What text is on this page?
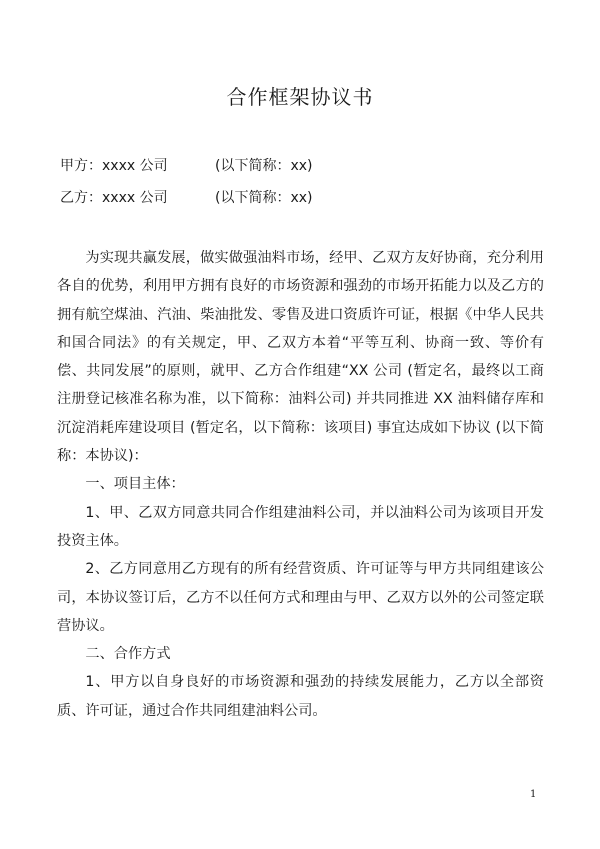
合作框架协议书
甲方：xxxx 公司	(以下简称：xx)
乙方：xxxx 公司	(以下简称：xx)

为实现共赢发展，做实做强油料市场，经甲、乙双方友好协商，充分利用各自的优势，利用甲方拥有良好的市场资源和强劲的市场开拓能力以及乙方的拥有航空煤油、汽油、柴油批发、零售及进口资质许可证，根据《中华人民共和国合同法》的有关规定，甲、乙双方本着“平等互利、协商一致、等价有偿、共同发展”的原则，就甲、乙方合作组建“XX 公司 (暂定名，最终以工商注册登记核准名称为准，以下简称：油料公司) 并共同推进 XX 油料储存库和沉淀消耗库建设项目 (暂定名，以下简称：该项目) 事宜达成如下协议 (以下简称：本协议)：

一、项目主体：

1、甲、乙双方同意共同合作组建油料公司，并以油料公司为该项目开发投资主体。

2、乙方同意用乙方现有的所有经营资质、许可证等与甲方共同组建该公司，本协议签订后，乙方不以任何方式和理由与甲、乙双方以外的公司签定联营协议。

二、合作方式

1、甲方以自身良好的市场资源和强劲的持续发展能力，乙方以全部资质、许可证，通过合作共同组建油料公司。

1
